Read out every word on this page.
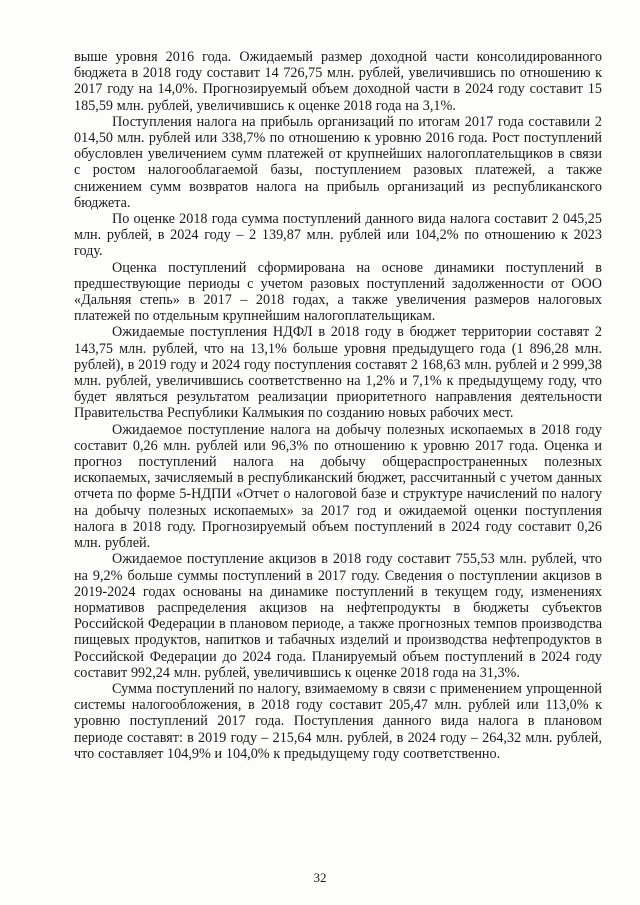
выше уровня 2016 года. Ожидаемый размер доходной части консолидированного бюджета в 2018 году составит 14 726,75 млн. рублей, увеличившись по отношению к 2017 году на 14,0%. Прогнозируемый объем доходной части в 2024 году составит 15 185,59 млн. рублей, увеличившись к оценке 2018 года на 3,1%.

Поступления налога на прибыль организаций по итогам 2017 года составили 2 014,50 млн. рублей или 338,7% по отношению к уровню 2016 года. Рост поступлений обусловлен увеличением сумм платежей от крупнейших налогоплательщиков в связи с ростом налогооблагаемой базы, поступлением разовых платежей, а также снижением сумм возвратов налога на прибыль организаций из республиканского бюджета.

По оценке 2018 года сумма поступлений данного вида налога составит 2 045,25 млн. рублей, в 2024 году – 2 139,87 млн. рублей или 104,2% по отношению к 2023 году.

Оценка поступлений сформирована на основе динамики поступлений в предшествующие периоды с учетом разовых поступлений задолженности от ООО «Дальняя степь» в 2017 – 2018 годах, а также увеличения размеров налоговых платежей по отдельным крупнейшим налогоплательщикам.

Ожидаемые поступления НДФЛ в 2018 году в бюджет территории составят 2 143,75 млн. рублей, что на 13,1% больше уровня предыдущего года (1 896,28 млн. рублей), в 2019 году и 2024 году поступления составят 2 168,63 млн. рублей и 2 999,38 млн. рублей, увеличившись соответственно на 1,2% и 7,1% к предыдущему году, что будет являться результатом реализации приоритетного направления деятельности Правительства Республики Калмыкия по созданию новых рабочих мест.

Ожидаемое поступление налога на добычу полезных ископаемых в 2018 году составит 0,26 млн. рублей или 96,3% по отношению к уровню 2017 года. Оценка и прогноз поступлений налога на добычу общераспространенных полезных ископаемых, зачисляемый в республиканский бюджет, рассчитанный с учетом данных отчета по форме 5-НДПИ «Отчет о налоговой базе и структуре начислений по налогу на добычу полезных ископаемых» за 2017 год и ожидаемой оценки поступления налога в 2018 году. Прогнозируемый объем поступлений в 2024 году составит 0,26 млн. рублей.

Ожидаемое поступление акцизов в 2018 году составит 755,53 млн. рублей, что на 9,2% больше суммы поступлений в 2017 году. Сведения о поступлении акцизов в 2019-2024 годах основаны на динамике поступлений в текущем году, изменениях нормативов распределения акцизов на нефтепродукты в бюджеты субъектов Российской Федерации в плановом периоде, а также прогнозных темпов производства пищевых продуктов, напитков и табачных изделий и производства нефтепродуктов в Российской Федерации до 2024 года. Планируемый объем поступлений в 2024 году составит 992,24 млн. рублей, увеличившись к оценке 2018 года на 31,3%.

Сумма поступлений по налогу, взимаемому в связи с применением упрощенной системы налогообложения, в 2018 году составит 205,47 млн. рублей или 113,0% к уровню поступлений 2017 года. Поступления данного вида налога в плановом периоде составят: в 2019 году – 215,64 млн. рублей, в 2024 году – 264,32 млн. рублей, что составляет 104,9% и 104,0% к предыдущему году соответственно.

32
